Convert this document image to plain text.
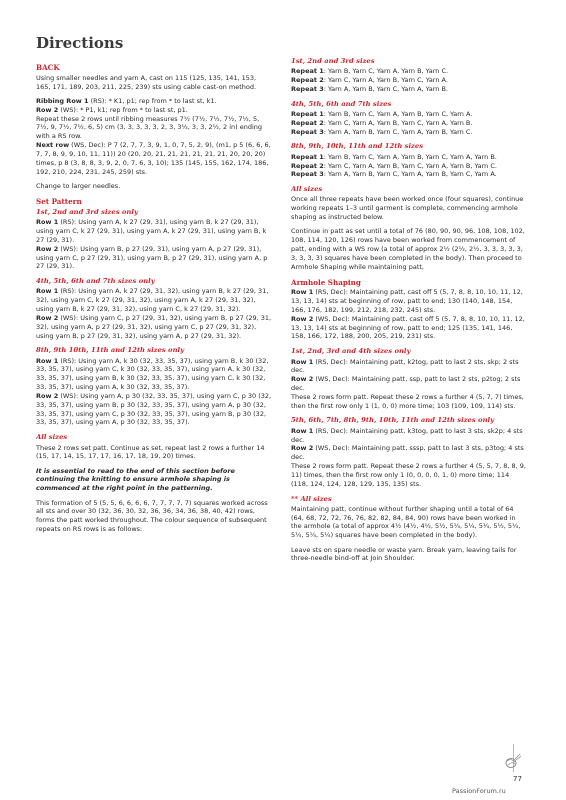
Directions
BACK

Using smaller needles and yarn A, cast on 115 (125, 135, 141, 153, 165, 171, 189, 203, 211, 225, 239) sts using cable cast-on method.

Ribbing Row 1 (RS): * K1, p1; rep from * to last st, k1.
Row 2 (WS): * P1, k1; rep from * to last st, p1.
Repeat these 2 rows until ribbing measures 7½ (7½, 7½, 7½, 7½, 5, 7½, 9, 7½, 7½, 6, 5) cm (3, 3, 3, 3, 3, 2, 3, 3½, 3, 3, 2½, 2 in) ending with a RS row.
Next row (WS, Dec): P 7 (2, 7, 7, 3, 9, 1, 0, 7, 5, 2, 9), (m1, p 5 (6, 6, 6, 7, 7, 8, 9, 9, 10, 11, 11)) 20 (20, 20, 21, 21, 21, 21, 21, 21, 20, 20, 20) times, p 8 (3, 8, 8, 3, 9, 2, 0, 7, 6, 3, 10); 135 (145, 155, 162, 174, 186, 192, 210, 224, 231, 245, 259) sts.

Change to larger needles.

Set Pattern
1st, 2nd and 3rd sizes only

Row 1 (RS): Using yarn A, k 27 (29, 31), using yarn B, k 27 (29, 31), using yarn C, k 27 (29, 31), using yarn A, k 27 (29, 31), using yarn B, k 27 (29, 31).
Row 2 (WS): Using yarn B, p 27 (29, 31), using yarn A, p 27 (29, 31), using yarn C, p 27 (29, 31), using yarn B, p 27 (29, 31), using yarn A, p 27 (29, 31).

4th, 5th, 6th and 7th sizes only

Row 1 (RS): Using yarn A, k 27 (29, 31, 32), using yarn B, k 27 (29, 31, 32), using yarn C, k 27 (29, 31, 32), using yarn A, k 27 (29, 31, 32), using yarn B, k 27 (29, 31, 32), using yarn C, k 27 (29, 31, 32).
Row 2 (WS): Using yarn C, p 27 (29, 31, 32), using yarn B, p 27 (29, 31, 32), using yarn A, p 27 (29, 31, 32), using yarn C, p 27 (29, 31, 32), using yarn B, p 27 (29, 31, 32), using yarn A, p 27 (29, 31, 32).

8th, 9th 10th, 11th and 12th sizes only

Row 1 (RS): Using yarn A, k 30 (32, 33, 35, 37), using yarn B, k 30 (32, 33, 35, 37), using yarn C, k 30 (32, 33, 35, 37), using yarn A, k 30 (32, 33, 35, 37), using yarn B, k 30 (32, 33, 35, 37), using yarn C, k 30 (32, 33, 35, 37), using yarn A, k 30 (32, 33, 35, 37).
Row 2 (WS): Using yarn A, p 30 (32, 33, 35, 37), using yarn C, p 30 (32, 33, 35, 37), using yarn B, p 30 (32, 33, 35, 37), using yarn A, p 30 (32, 33, 35, 37), using yarn C, p 30 (32, 33, 35, 37), using yarn B, p 30 (32, 33, 35, 37), using yarn A, p 30 (32, 33, 35, 37).

All sizes

These 2 rows set patt. Continue as set, repeat last 2 rows a further 14 (15, 17, 14, 15, 17, 17, 16, 17, 18, 19, 20) times.

It is essential to read to the end of this section before continuing the knitting to ensure armhole shaping is commenced at the right point in the patterning.

This formation of 5 (5, 5, 6, 6, 6, 6, 7, 7, 7, 7, 7) squares worked across all sts and over 30 (32, 36, 30, 32, 36, 36, 34, 36, 38, 40, 42) rows, forms the patt worked throughout. The colour sequence of subsequent repeats on RS rows is as follows:

1st, 2nd and 3rd sizes

Repeat 1: Yarn B, Yarn C, Yarn A, Yarn B, Yarn C.
Repeat 2: Yarn C, Yarn A, Yarn B, Yarn C, Yarn A.
Repeat 3: Yarn A, Yarn B, Yarn C, Yarn A, Yarn B.

4th, 5th, 6th and 7th sizes

Repeat 1: Yarn B, Yarn C, Yarn A, Yarn B, Yarn C, Yarn A.
Repeat 2: Yarn C, Yarn A, Yarn B, Yarn C, Yarn A, Yarn B.
Repeat 3: Yarn A, Yarn B, Yarn C, Yarn A, Yarn B, Yarn C.

8th, 9th, 10th, 11th and 12th sizes

Repeat 1: Yarn B, Yarn C, Yarn A, Yarn B, Yarn C, Yarn A, Yarn B.
Repeat 2: Yarn C, Yarn A, Yarn B, Yarn C, Yarn A, Yarn B, Yarn C.
Repeat 3: Yarn A, Yarn B, Yarn C, Yarn A, Yarn B, Yarn C, Yarn A.

All sizes

Once all three repeats have been worked once (four squares), continue working repeats 1–3 until garment is complete, commencing armhole shaping as instructed below.

Continue in patt as set until a total of 76 (80, 90, 90, 96, 108, 108, 102, 108, 114, 120, 126) rows have been worked from commencement of patt, ending with a WS row (a total of approx 2½ (2½, 2½, 3, 3, 3, 3, 3, 3, 3, 3, 3) squares have been completed in the body). Then proceed to Armhole Shaping while maintaining patt,

Armhole Shaping

Row 1 (RS, Dec): Maintaining patt, cast off 5 (5, 7, 8, 8, 10, 10, 11, 12, 13, 13, 14) sts at beginning of row, patt to end; 130 (140, 148, 154, 166, 176, 182, 199, 212, 218, 232, 245) sts.
Row 2 (WS, Dec): Maintaining patt, cast off 5 (5, 7, 8, 8, 10, 10, 11, 12, 13, 13, 14) sts at beginning of row, patt to end; 125 (135, 141, 146, 158, 166, 172, 188, 200, 205, 219, 231) sts.

1st, 2nd, 3rd and 4th sizes only

Row 1 (RS, Dec): Maintaining patt, k2tog, patt to last 2 sts, skp; 2 sts dec.
Row 2 (WS, Dec): Maintaining patt, ssp, patt to last 2 sts, p2tog; 2 sts dec.
These 2 rows form patt. Repeat these 2 rows a further 4 (5, 7, 7) times, then the first row only 1 (1, 0, 0) more time; 103 (109, 109, 114) sts.

5th, 6th, 7th, 8th, 9th, 10th, 11th and 12th sizes only

Row 1 (RS, Dec): Maintaining patt, k3tog, patt to last 3 sts, sk2p; 4 sts dec.
Row 2 (WS, Dec): Maintaining patt, sssp, patt to last 3 sts, p3tog; 4 sts dec.
These 2 rows form patt. Repeat these 2 rows a further 4 (5, 5, 7, 8, 8, 9, 11) times, then the first row only 1 (0, 0, 0, 0, 1, 0) more time; 114 (118, 124, 124, 128, 129, 135, 135) sts.

** All sizes

Maintaining patt, continue without further shaping until a total of 64 (64, 68, 72, 72, 76, 76, 82, 82, 84, 84, 90) rows have been worked in the armhole (a total of approx 4½ (4½, 4½, 5½, 5¼, 5¼, 5¼, 5½, 5¼, 5¼, 5¼, 5¼) squares have been completed in the body).

Leave sts on spare needle or waste yarn. Break yarn, leaving tails for three-needle bind-off at Join Shoulder.

77
PassionForum.ru
